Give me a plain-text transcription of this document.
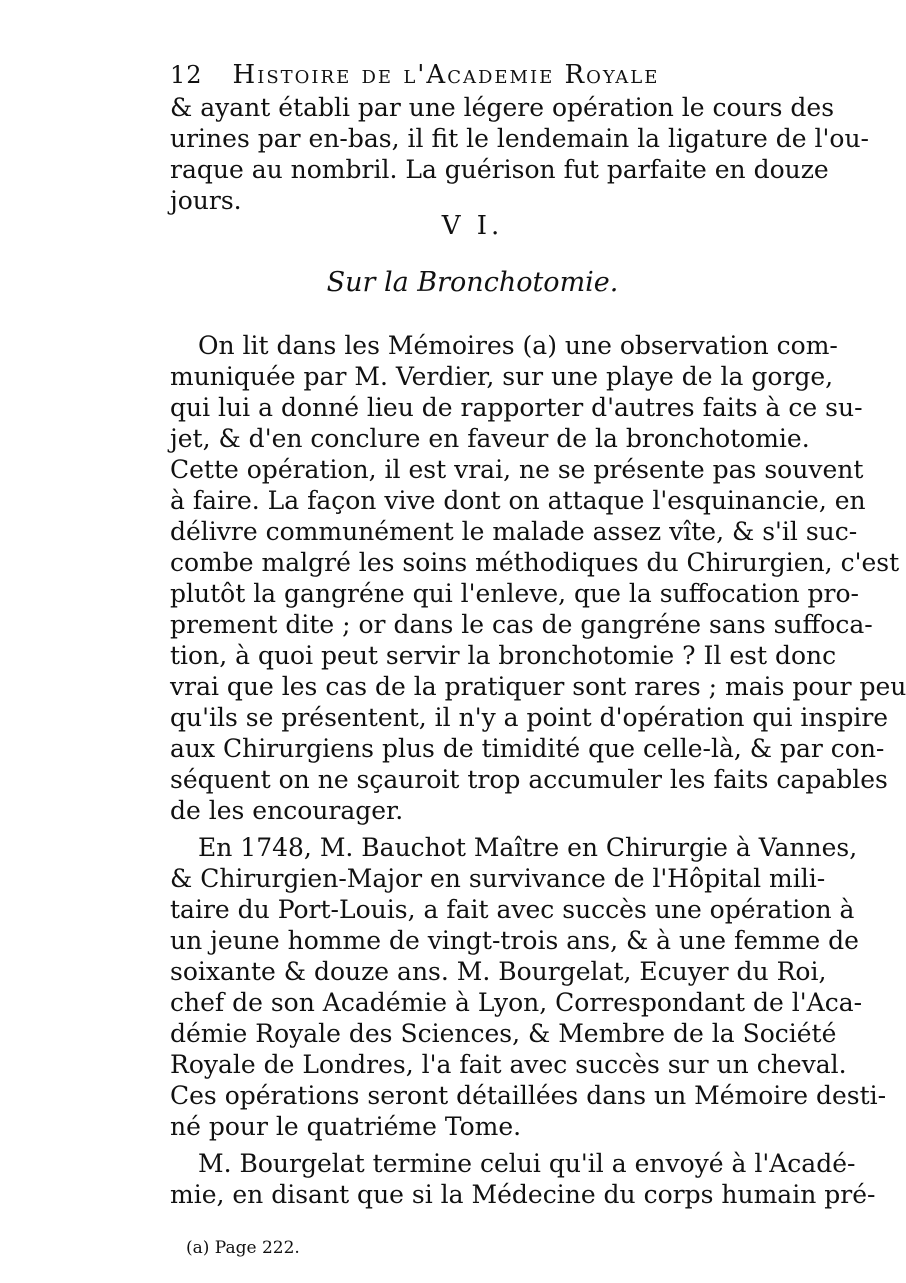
12 Histoire de l'Academie Royale
& ayant établi par une légere opération le cours des
urines par en-bas, il fit le lendemain la ligature de l'ou-
raque au nombril. La guérison fut parfaite en douze
jours.
V I.
Sur la Bronchotomie.
On lit dans les Mémoires (a) une observation com-
muniquée par M. Verdier, sur une playe de la gorge,
qui lui a donné lieu de rapporter d'autres faits à ce su-
jet, & d'en conclure en faveur de la bronchotomie.
Cette opération, il est vrai, ne se présente pas souvent
à faire. La façon vive dont on attaque l'esquinancie, en
délivre communément le malade assez vîte, & s'il suc-
combe malgré les soins méthodiques du Chirurgien, c'est
plutôt la gangréne qui l'enleve, que la suffocation pro-
prement dite ; or dans le cas de gangréne sans suffoca-
tion, à quoi peut servir la bronchotomie ? Il est donc
vrai que les cas de la pratiquer sont rares ; mais pour peu
qu'ils se présentent, il n'y a point d'opération qui inspire
aux Chirurgiens plus de timidité que celle-là, & par con-
séquent on ne sçauroit trop accumuler les faits capables
de les encourager.
En 1748, M. Bauchot Maître en Chirurgie à Vannes,
& Chirurgien-Major en survivance de l'Hôpital mili-
taire du Port-Louis, a fait avec succès une opération à
un jeune homme de vingt-trois ans, & à une femme de
soixante & douze ans. M. Bourgelat, Ecuyer du Roi,
chef de son Académie à Lyon, Correspondant de l'Aca-
démie Royale des Sciences, & Membre de la Société
Royale de Londres, l'a fait avec succès sur un cheval.
Ces opérations seront détaillées dans un Mémoire desti-
né pour le quatriéme Tome.
M. Bourgelat termine celui qu'il a envoyé à l'Acadé-
mie, en disant que si la Médecine du corps humain pré-
(a) Page 222.
